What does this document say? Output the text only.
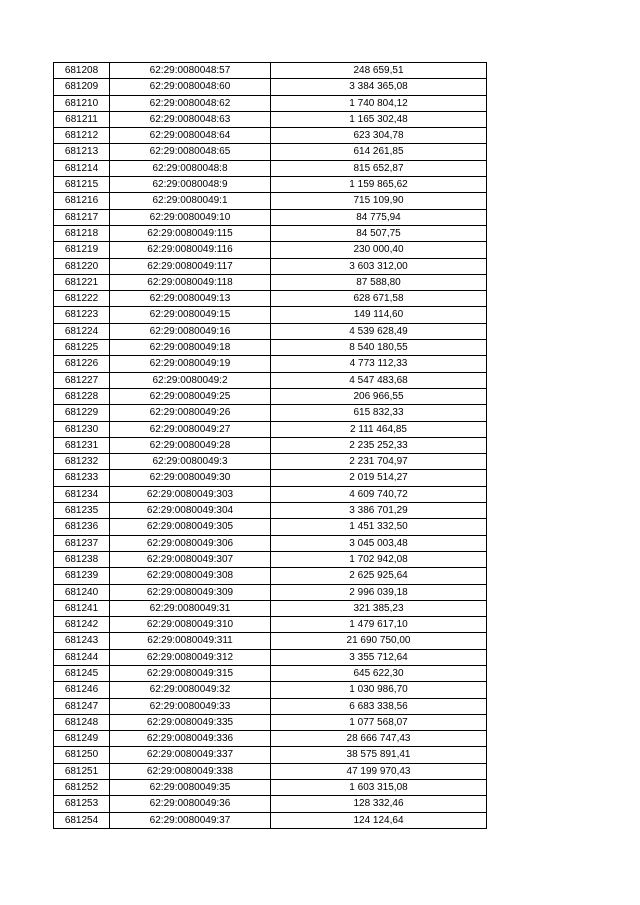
681208	62:29:0080048:57	248 659,51
681209	62:29:0080048:60	3 384 365,08
681210	62:29:0080048:62	1 740 804,12
681211	62:29:0080048:63	1 165 302,48
681212	62:29:0080048:64	623 304,78
681213	62:29:0080048:65	614 261,85
681214	62:29:0080048:8	815 652,87
681215	62:29:0080048:9	1 159 865,62
681216	62:29:0080049:1	715 109,90
681217	62:29:0080049:10	84 775,94
681218	62:29:0080049:115	84 507,75
681219	62:29:0080049:116	230 000,40
681220	62:29:0080049:117	3 603 312,00
681221	62:29:0080049:118	87 588,80
681222	62:29:0080049:13	628 671,58
681223	62:29:0080049:15	149 114,60
681224	62:29:0080049:16	4 539 628,49
681225	62:29:0080049:18	8 540 180,55
681226	62:29:0080049:19	4 773 112,33
681227	62:29:0080049:2	4 547 483,68
681228	62:29:0080049:25	206 966,55
681229	62:29:0080049:26	615 832,33
681230	62:29:0080049:27	2 111 464,85
681231	62:29:0080049:28	2 235 252,33
681232	62:29:0080049:3	2 231 704,97
681233	62:29:0080049:30	2 019 514,27
681234	62:29:0080049:303	4 609 740,72
681235	62:29:0080049:304	3 386 701,29
681236	62:29:0080049:305	1 451 332,50
681237	62:29:0080049:306	3 045 003,48
681238	62:29:0080049:307	1 702 942,08
681239	62:29:0080049:308	2 625 925,64
681240	62:29:0080049:309	2 996 039,18
681241	62:29:0080049:31	321 385,23
681242	62:29:0080049:310	1 479 617,10
681243	62:29:0080049:311	21 690 750,00
681244	62:29:0080049:312	3 355 712,64
681245	62:29:0080049:315	645 622,30
681246	62:29:0080049:32	1 030 986,70
681247	62:29:0080049:33	6 683 338,56
681248	62:29:0080049:335	1 077 568,07
681249	62:29:0080049:336	28 666 747,43
681250	62:29:0080049:337	38 575 891,41
681251	62:29:0080049:338	47 199 970,43
681252	62:29:0080049:35	1 603 315,08
681253	62:29:0080049:36	128 332,46
681254	62:29:0080049:37	124 124,64
